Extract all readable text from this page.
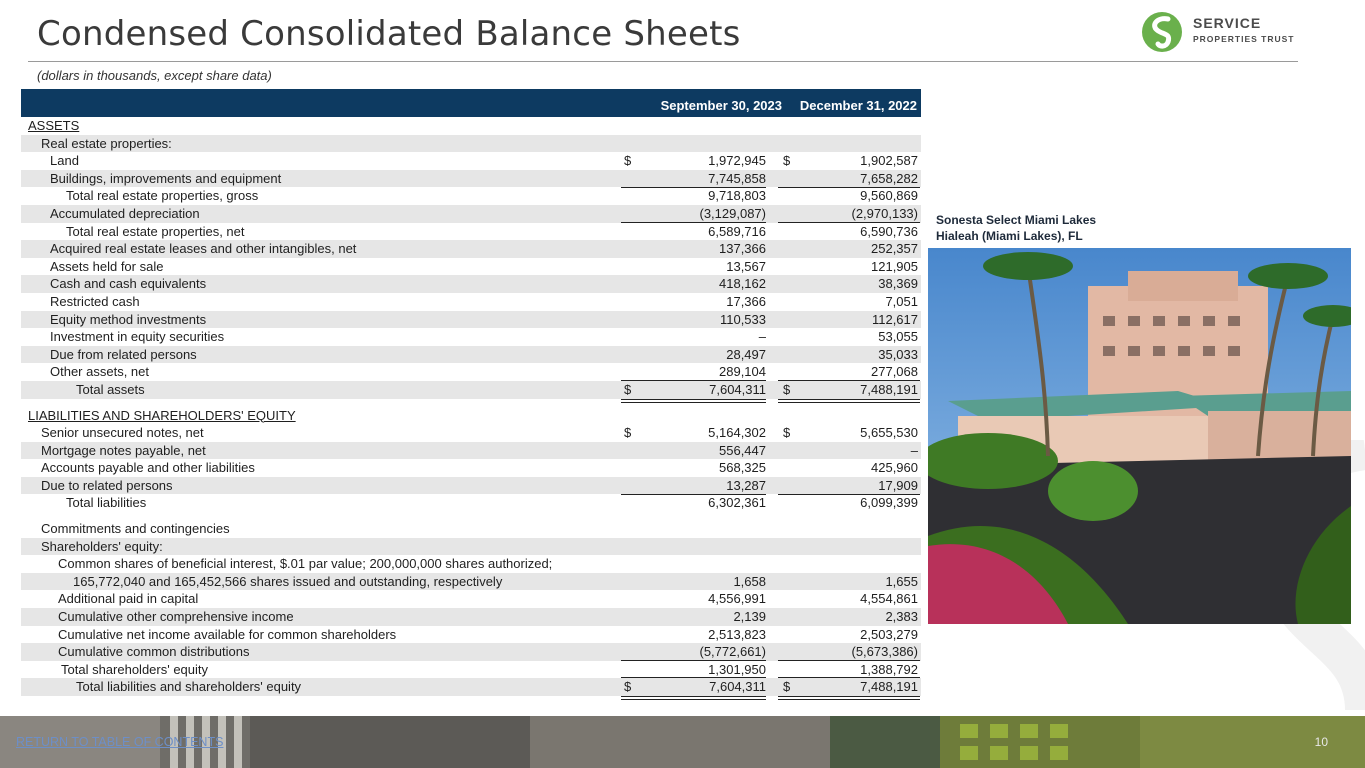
Condensed Consolidated Balance Sheets
(dollars in thousands, except share data)
SERVICE
PROPERTIES TRUST
September 30, 2023 December 31, 2022
ASSETS
Real estate properties:
Land	$	1,972,945 $	1,902,587
Buildings, improvements and equipment	7,745,858	7,658,282
Total real estate properties, gross	9,718,803	9,560,869
Accumulated depreciation	(3,129,087)	(2,970,133)
Total real estate properties, net	6,589,716	6,590,736
Acquired real estate leases and other intangibles, net	137,366	252,357
Assets held for sale	13,567	121,905
Cash and cash equivalents	418,162	38,369
Restricted cash	17,366	7,051
Equity method investments	110,533	112,617
Investment in equity securities	–	53,055
Due from related persons	28,497	35,033
Other assets, net	289,104	277,068
Total assets	$	7,604,311 $	7,488,191
LIABILITIES AND SHAREHOLDERS' EQUITY
Senior unsecured notes, net	$	5,164,302 $	5,655,530
Mortgage notes payable, net	556,447	–
Accounts payable and other liabilities	568,325	425,960
Due to related persons	13,287	17,909
Total liabilities	6,302,361	6,099,399
Commitments and contingencies
Shareholders' equity:
Common shares of beneficial interest, $.01 par value; 200,000,000 shares authorized;
165,772,040 and 165,452,566 shares issued and outstanding, respectively	1,658	1,655
Additional paid in capital	4,556,991	4,554,861
Cumulative other comprehensive income	2,139	2,383
Cumulative net income available for common shareholders	2,513,823	2,503,279
Cumulative common distributions	(5,772,661)	(5,673,386)
Total shareholders' equity	1,301,950	1,388,792
Total liabilities and shareholders' equity	$	7,604,311 $	7,488,191
Sonesta Select Miami Lakes
Hialeah (Miami Lakes), FL
RETURN TO TABLE OF CONTENTS	10
